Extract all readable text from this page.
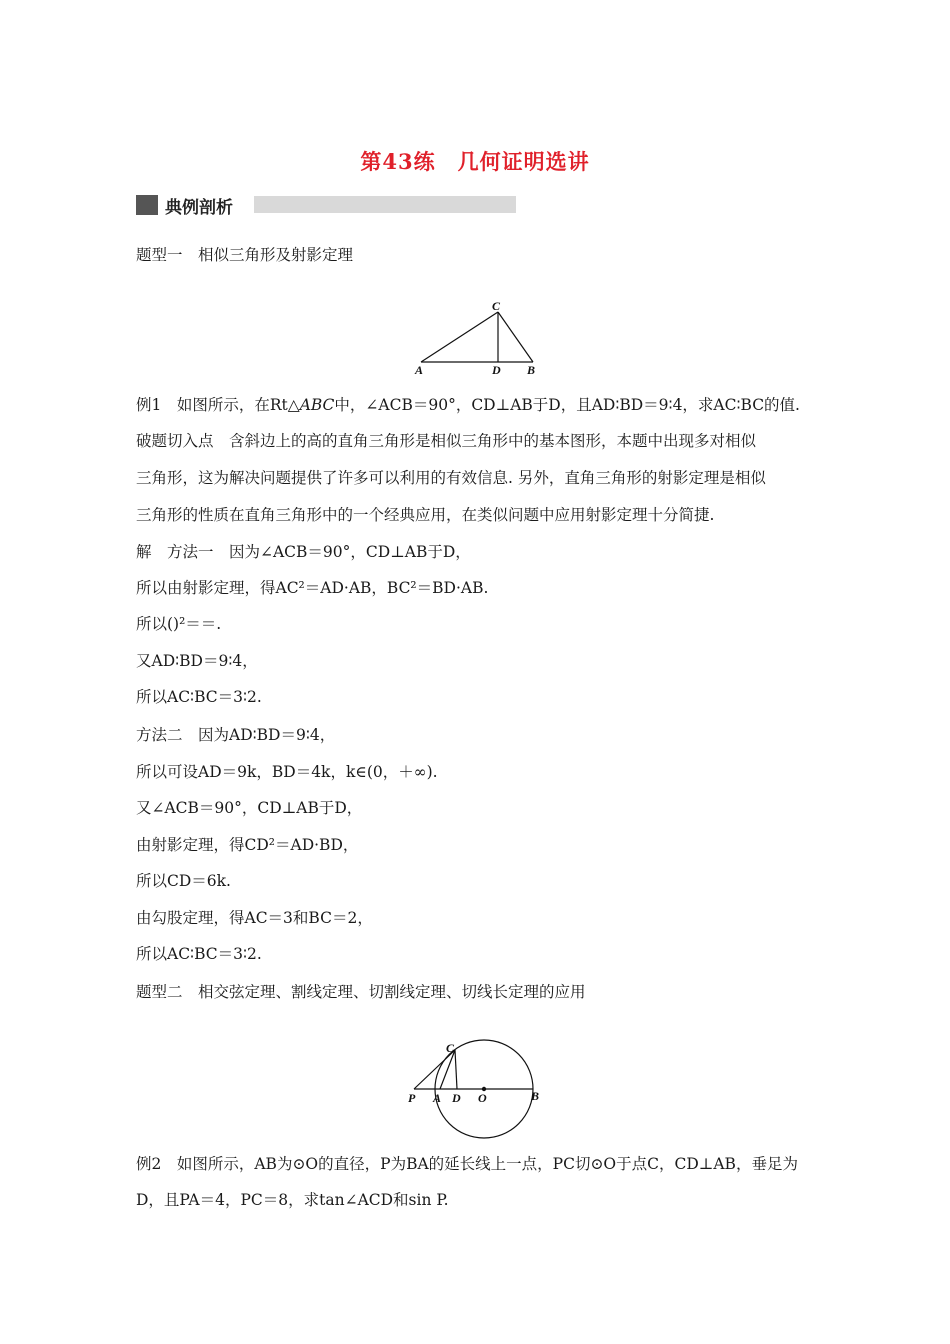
第43练　几何证明选讲
典例剖析
题型一　相似三角形及射影定理
A	D B
C
例1　如图所示，在Rt△ABC中，∠ACB＝90°，CD⊥AB于D，且AD∶BD＝9∶4，求AC∶BC的值.
破题切入点　含斜边上的高的直角三角形是相似三角形中的基本图形，本题中出现多对相似
三角形，这为解决问题提供了许多可以利用的有效信息. 另外，直角三角形的射影定理是相似
三角形的性质在直角三角形中的一个经典应用，在类似问题中应用射影定理十分简捷.
解　方法一　因为∠ACB＝90°，CD⊥AB于D，
所以由射影定理，得AC²＝AD·AB，BC²＝BD·AB.
所以()²＝＝.
又AD∶BD＝9∶4，
所以AC∶BC＝3∶2.
方法二　因为AD∶BD＝9∶4，
所以可设AD＝9k，BD＝4k，k∈(0，＋∞).
又∠ACB＝90°，CD⊥AB于D，
由射影定理，得CD²＝AD·BD，
所以CD＝6k.
由勾股定理，得AC＝3和BC＝2，
所以AC∶BC＝3∶2.
题型二　相交弦定理、割线定理、切割线定理、切线长定理的应用
P A D O	B
C
例2　如图所示，AB为⊙O的直径，P为BA的延长线上一点，PC切⊙O于点C，CD⊥AB，垂足为
D，且PA＝4，PC＝8，求tan∠ACD和sin P.
